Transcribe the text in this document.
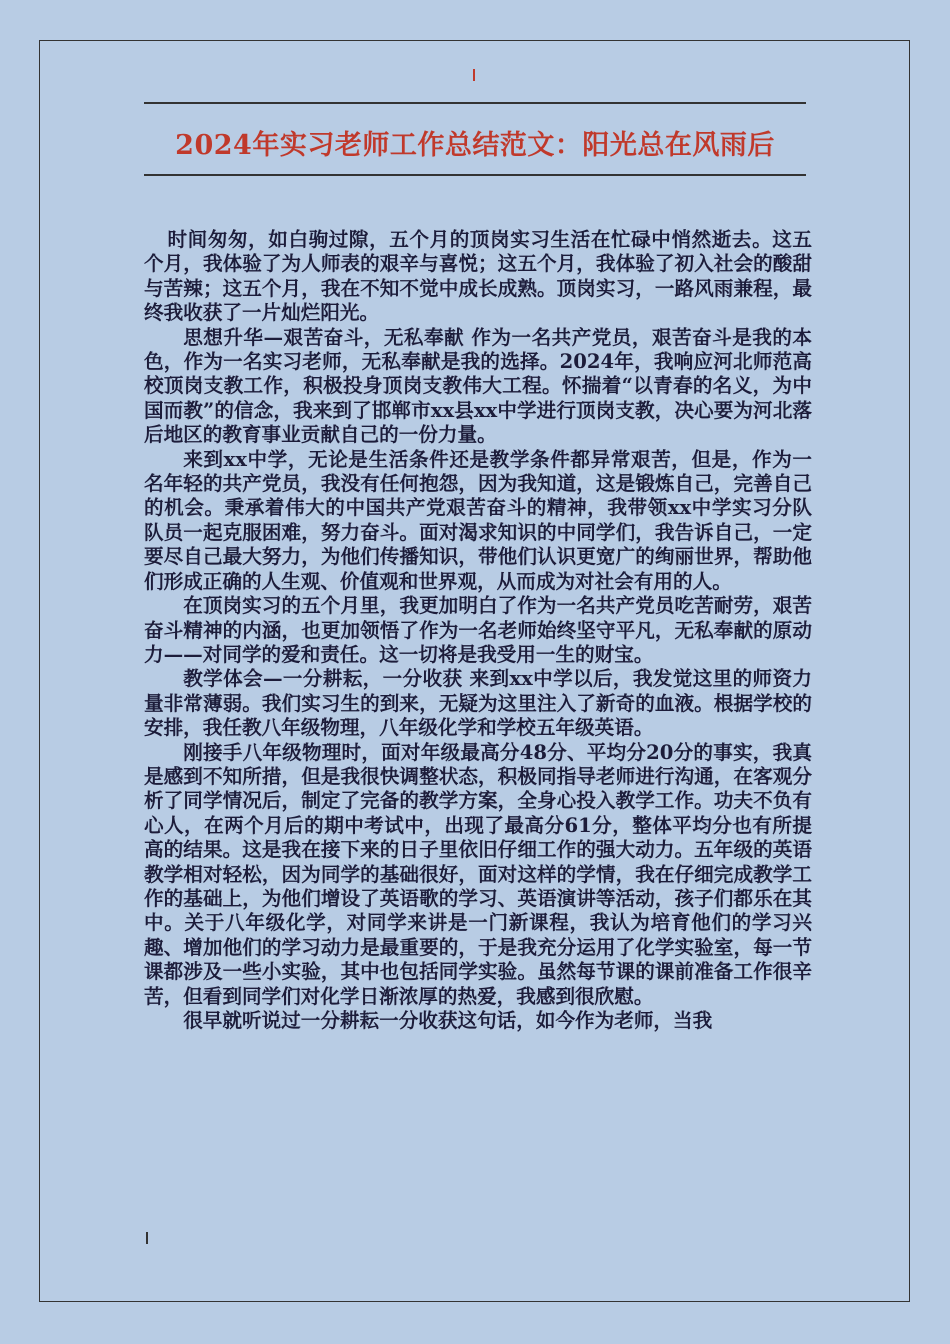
2024年实习老师工作总结范文：阳光总在风雨后

时间匆匆，如白驹过隙，五个月的顶岗实习生活在忙碌中悄然逝去。这五个月，我体验了为人师表的艰辛与喜悦；这五个月，我体验了初入社会的酸甜与苦辣；这五个月，我在不知不觉中成长成熟。顶岗实习，一路风雨兼程，最终我收获了一片灿烂阳光。

思想升华—艰苦奋斗，无私奉献 作为一名共产党员，艰苦奋斗是我的本色，作为一名实习老师，无私奉献是我的选择。2024年，我响应河北师范高校顶岗支教工作，积极投身顶岗支教伟大工程。怀揣着“以青春的名义，为中国而教”的信念，我来到了邯郸市xx县xx中学进行顶岗支教，决心要为河北落后地区的教育事业贡献自己的一份力量。

来到xx中学，无论是生活条件还是教学条件都异常艰苦，但是，作为一名年轻的共产党员，我没有任何抱怨，因为我知道，这是锻炼自己，完善自己的机会。秉承着伟大的中国共产党艰苦奋斗的精神，我带领xx中学实习分队队员一起克服困难，努力奋斗。面对渴求知识的中同学们，我告诉自己，一定要尽自己最大努力，为他们传播知识，带他们认识更宽广的绚丽世界，帮助他们形成正确的人生观、价值观和世界观，从而成为对社会有用的人。

在顶岗实习的五个月里，我更加明白了作为一名共产党员吃苦耐劳，艰苦奋斗精神的内涵，也更加领悟了作为一名老师始终坚守平凡，无私奉献的原动力——对同学的爱和责任。这一切将是我受用一生的财宝。

教学体会—一分耕耘，一分收获 来到xx中学以后，我发觉这里的师资力量非常薄弱。我们实习生的到来，无疑为这里注入了新奇的血液。根据学校的安排，我任教八年级物理，八年级化学和学校五年级英语。

刚接手八年级物理时，面对年级最高分48分、平均分20分的事实，我真是感到不知所措，但是我很快调整状态，积极同指导老师进行沟通，在客观分析了同学情况后，制定了完备的教学方案，全身心投入教学工作。功夫不负有心人，在两个月后的期中考试中，出现了最高分61分，整体平均分也有所提高的结果。这是我在接下来的日子里依旧仔细工作的强大动力。五年级的英语教学相对轻松，因为同学的基础很好，面对这样的学情，我在仔细完成教学工作的基础上，为他们增设了英语歌的学习、英语演讲等活动，孩子们都乐在其中。关于八年级化学，对同学来讲是一门新课程，我认为培育他们的学习兴趣、增加他们的学习动力是最重要的，于是我充分运用了化学实验室，每一节课都涉及一些小实验，其中也包括同学实验。虽然每节课的课前准备工作很辛苦，但看到同学们对化学日渐浓厚的热爱，我感到很欣慰。

很早就听说过一分耕耘一分收获这句话，如今作为老师，当我
